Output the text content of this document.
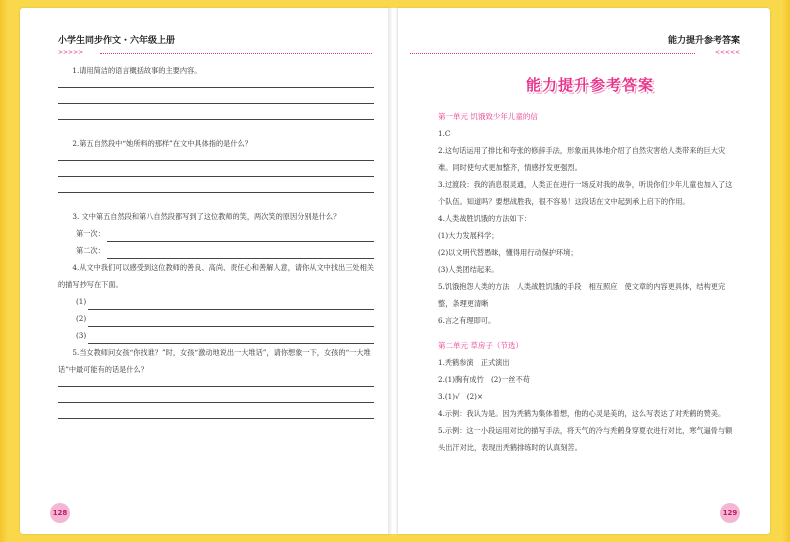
小学生同步作文・六年级上册
>>>>>

1.请用简洁的语言概括故事的主要内容。

2.第五自然段中“她所料的那样”在文中具体指的是什么？

3. 文中第五自然段和第八自然段都写到了这位教师的笑，两次笑的原因分别是什么？

第一次：
第二次：

4.从文中我们可以感受到这位教师的善良、高尚、责任心和善解人意，请你从文中找出三处相关的描写抄写在下面。

(1)
(2)
(3)

5.当女教师问女孩“你找谁？”时，女孩“激动地说出一大堆话”，请你想象一下，女孩的“一大堆话”中最可能有的话是什么？

128
能力提升参考答案
<<<<<
能力提升参考答案

第一单元 饥饿致少年儿童的信

1.C

2.这句话运用了排比和夸张的修辞手法，形象而具体地介绍了自然灾害给人类带来的巨大灾难。同时使句式更加整齐，情感抒发更强烈。

3.过渡段：我的消息很灵通，人类正在进行一场反对我的战争，听说你们少年儿童也加入了这个队伍。知道吗？要想战胜我，很不容易！这段话在文中起到承上启下的作用。

4.人类战胜饥饿的方法如下：

(1)大力发展科学；

(2)以文明代替愚昧，懂得用行动保护环境；

(3)人类团结起来。

5.饥饿抱怨人类的方法　人类战胜饥饿的手段　相互照应　使文章的内容更具体，结构更完整，条理更清晰

6.言之有理即可。

第二单元 草房子（节选）

1.秃鹤参演　正式演出

2.(1)胸有成竹　(2)一丝不苟

3.(1)√　(2)×

4.示例：我认为是。因为秃鹤为集体着想，他的心灵是美的，这么写表达了对秃鹤的赞美。

5.示例：这一小段运用对比的描写手法，将天气的冷与秃鹤身穿夏衣进行对比，寒气逼骨与额头出汗对比，表现出秃鹤排练时的认真刻苦。

129
